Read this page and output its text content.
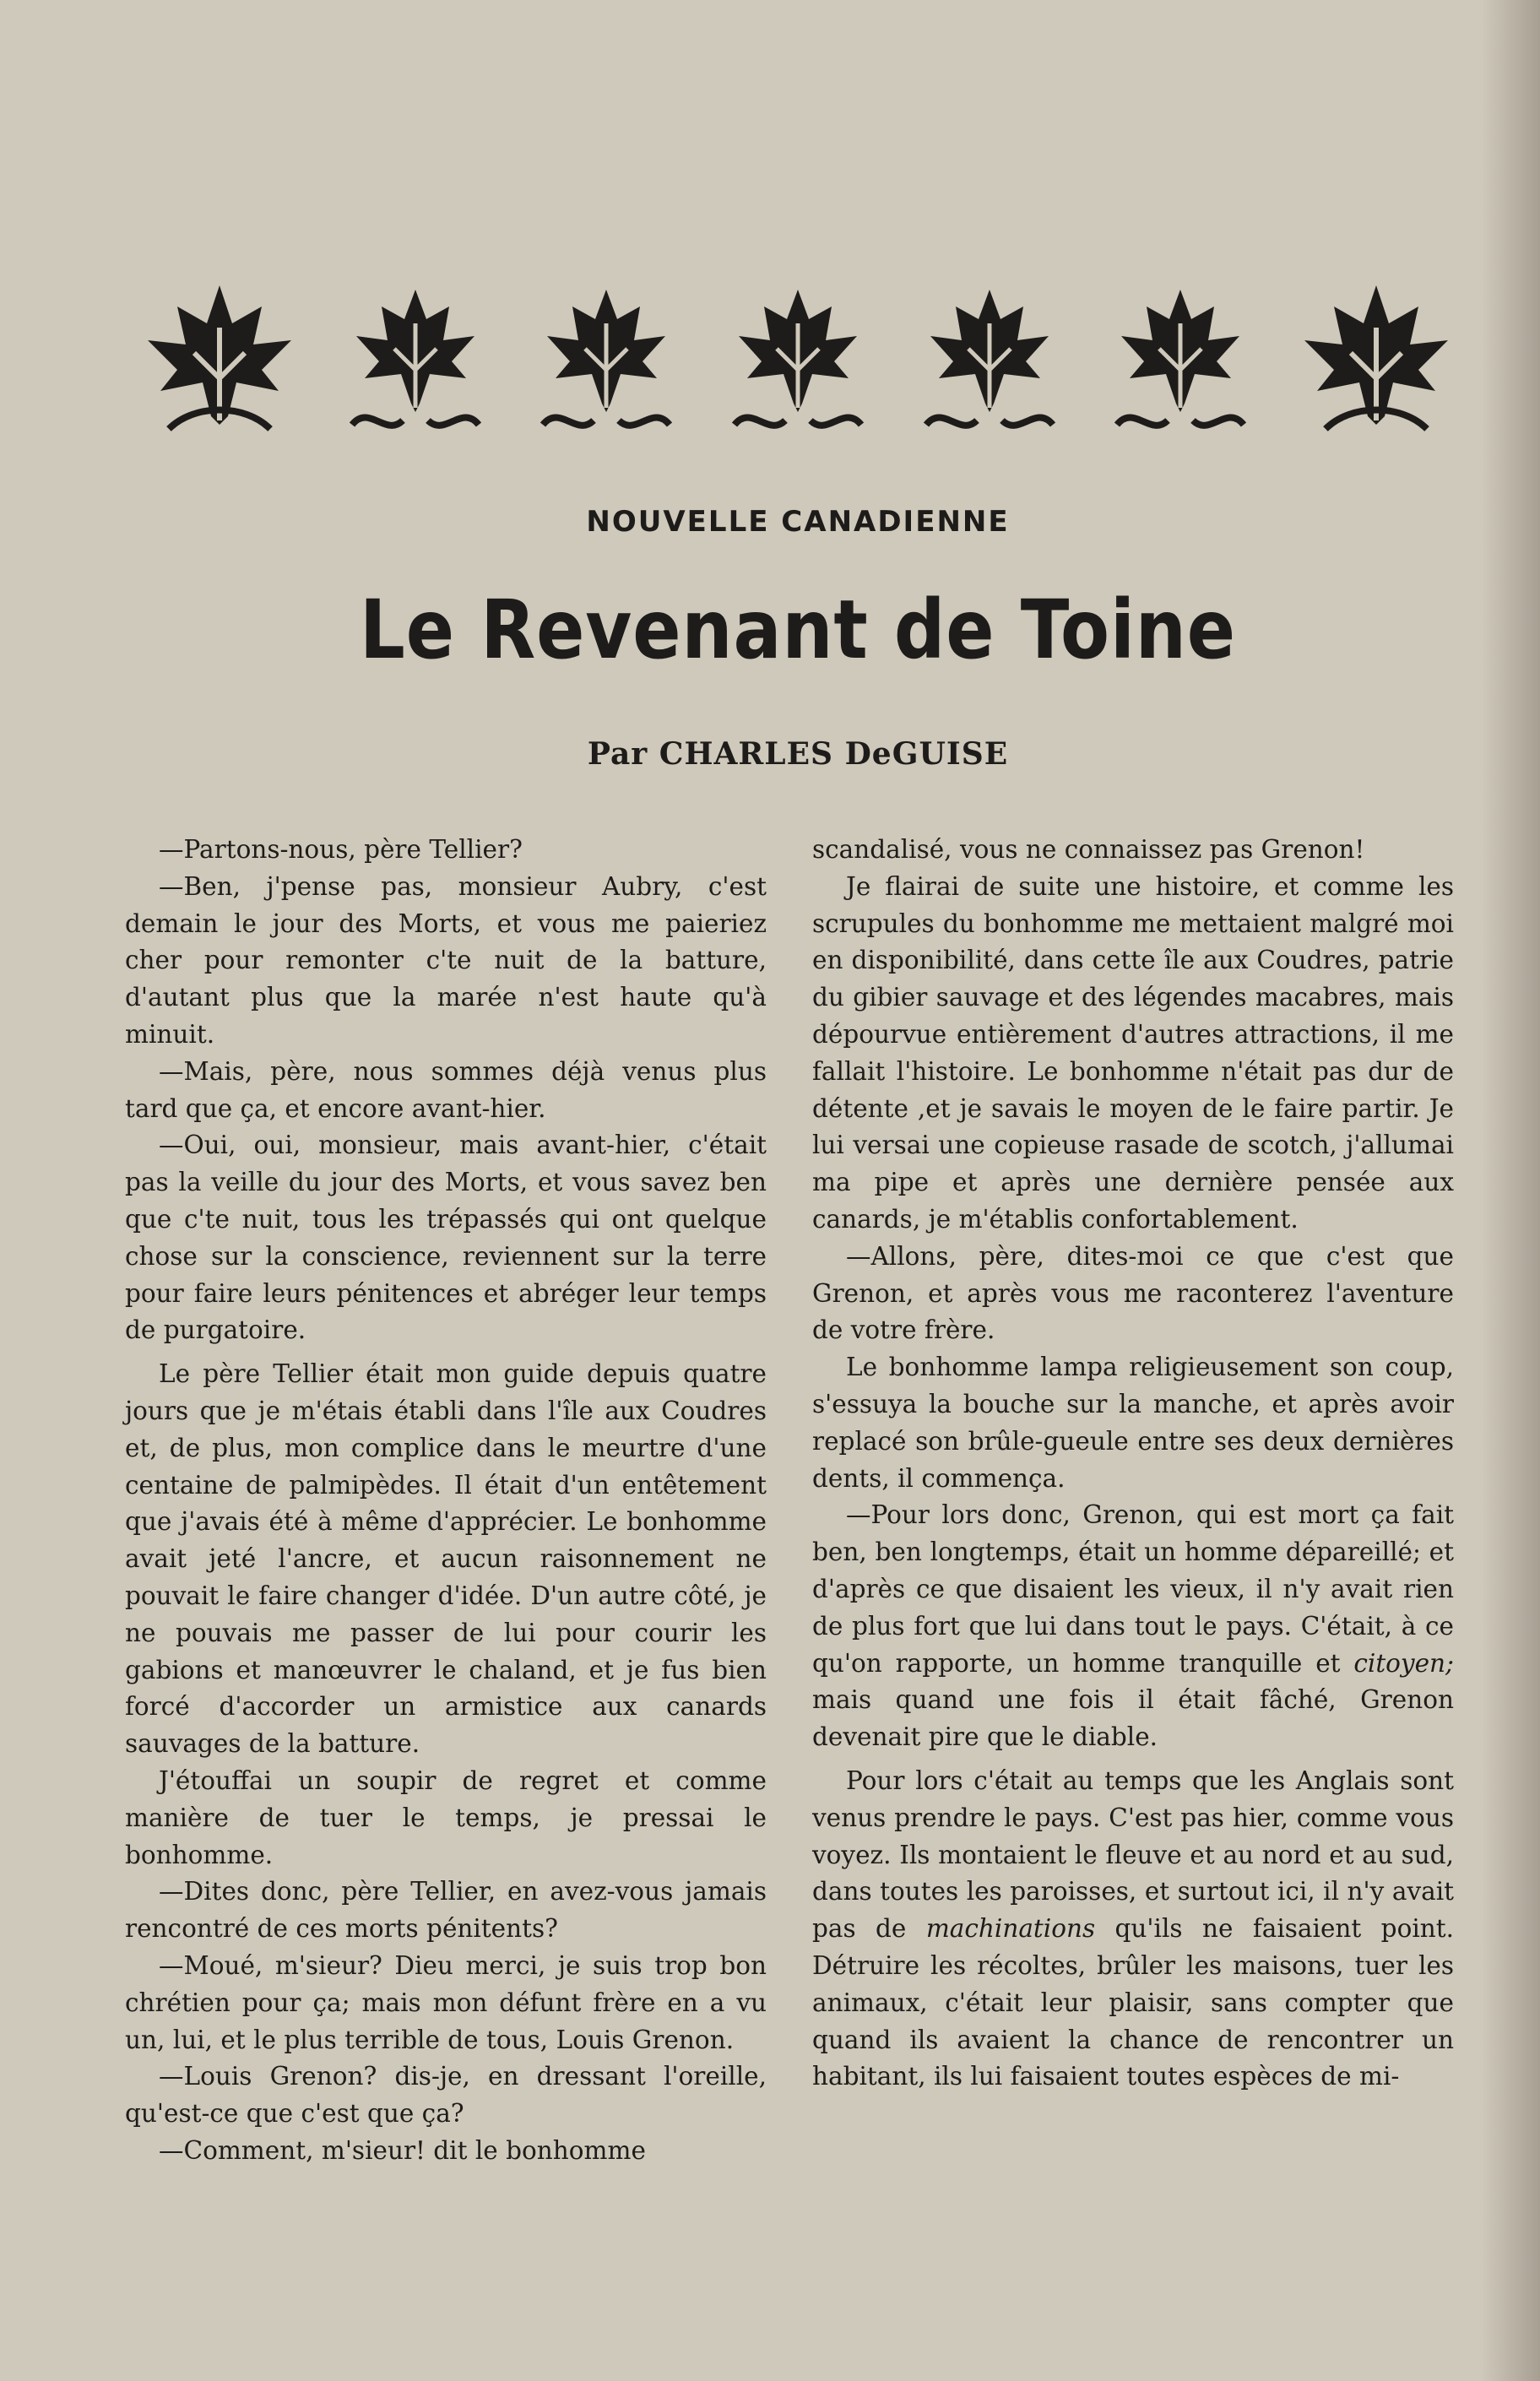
NOUVELLE CANADIENNE
Le Revenant de Toine
Par CHARLES DeGUISE

—Partons-nous, père Tellier?

—Ben, j'pense pas, monsieur Aubry, c'est demain le jour des Morts, et vous me paieriez cher pour remonter c'te nuit de la batture, d'autant plus que la marée n'est haute qu'à minuit.

—Mais, père, nous sommes déjà venus plus tard que ça, et encore avant-hier.

—Oui, oui, monsieur, mais avant-hier, c'était pas la veille du jour des Morts, et vous savez ben que c'te nuit, tous les trépassés qui ont quelque chose sur la conscience, reviennent sur la terre pour faire leurs pénitences et abréger leur temps de purgatoire.

Le père Tellier était mon guide depuis quatre jours que je m'étais établi dans l'île aux Coudres et, de plus, mon complice dans le meurtre d'une centaine de palmipèdes. Il était d'un entêtement que j'avais été à même d'apprécier. Le bonhomme avait jeté l'ancre, et aucun raisonnement ne pouvait le faire changer d'idée. D'un autre côté, je ne pouvais me passer de lui pour courir les gabions et manœuvrer le chaland, et je fus bien forcé d'accorder un armistice aux canards sauvages de la batture.

J'étouffai un soupir de regret et comme manière de tuer le temps, je pressai le bonhomme.

—Dites donc, père Tellier, en avez-vous jamais rencontré de ces morts pénitents?

—Moué, m'sieur? Dieu merci, je suis trop bon chrétien pour ça; mais mon défunt frère en a vu un, lui, et le plus terrible de tous, Louis Grenon.

—Louis Grenon? dis-je, en dressant l'oreille, qu'est-ce que c'est que ça?

—Comment, m'sieur! dit le bonhomme

scandalisé, vous ne connaissez pas Grenon!

Je flairai de suite une histoire, et comme les scrupules du bonhomme me mettaient malgré moi en disponibilité, dans cette île aux Coudres, patrie du gibier sauvage et des légendes macabres, mais dépourvue entièrement d'autres attractions, il me fallait l'histoire. Le bonhomme n'était pas dur de détente ,et je savais le moyen de le faire partir. Je lui versai une copieuse rasade de scotch, j'allumai ma pipe et après une dernière pensée aux canards, je m'établis confortablement.

—Allons, père, dites-moi ce que c'est que Grenon, et après vous me raconterez l'aventure de votre frère.

Le bonhomme lampa religieusement son coup, s'essuya la bouche sur la manche, et après avoir replacé son brûle-gueule entre ses deux dernières dents, il commença.

—Pour lors donc, Grenon, qui est mort ça fait ben, ben longtemps, était un homme dépareillé; et d'après ce que disaient les vieux, il n'y avait rien de plus fort que lui dans tout le pays. C'était, à ce qu'on rapporte, un homme tranquille et citoyen; mais quand une fois il était fâché, Grenon devenait pire que le diable.

Pour lors c'était au temps que les Anglais sont venus prendre le pays. C'est pas hier, comme vous voyez. Ils montaient le fleuve et au nord et au sud, dans toutes les paroisses, et surtout ici, il n'y avait pas de machinations qu'ils ne faisaient point. Détruire les récoltes, brûler les maisons, tuer les animaux, c'était leur plaisir, sans compter que quand ils avaient la chance de rencontrer un habitant, ils lui faisaient toutes espèces de mi-
